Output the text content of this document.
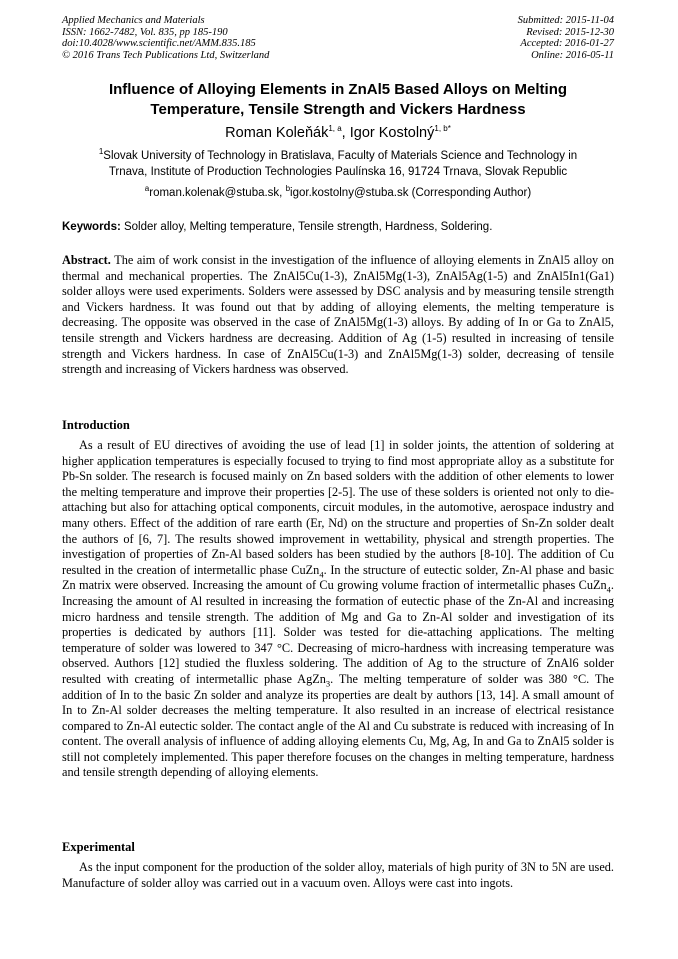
Applied Mechanics and Materials
ISSN: 1662-7482, Vol. 835, pp 185-190
doi:10.4028/www.scientific.net/AMM.835.185
© 2016 Trans Tech Publications Ltd, Switzerland
Submitted: 2015-11-04
Revised: 2015-12-30
Accepted: 2016-01-27
Online: 2016-05-11
Influence of Alloying Elements in ZnAl5 Based Alloys on Melting
Temperature, Tensile Strength and Vickers Hardness
Roman Koleňák$^{1, a}$, Igor Kostolný$^{1, b*}$
$^1$Slovak University of Technology in Bratislava, Faculty of Materials Science and Technology in
Trnava, Institute of Production Technologies Paulínska 16, 91724 Trnava, Slovak Republic
$^a$roman.kolenak@stuba.sk, $^b$igor.kostolny@stuba.sk (Corresponding Author)
Keywords: Solder alloy, Melting temperature, Tensile strength, Hardness, Soldering.

Abstract. The aim of work consist in the investigation of the influence of alloying elements in ZnAl5 alloy on thermal and mechanical properties. The ZnAl5Cu(1-3), ZnAl5Mg(1-3), ZnAl5Ag(1-5) and ZnAl5In1(Ga1) solder alloys were used experiments. Solders were assessed by DSC analysis and by measuring tensile strength and Vickers hardness. It was found out that by adding of alloying elements, the melting temperature is decreasing. The opposite was observed in the case of ZnAl5Mg(1-3) alloys. By adding of In or Ga to ZnAl5, tensile strength and Vickers hardness are decreasing. Addition of Ag (1-5) resulted in increasing of tensile strength and Vickers hardness. In case of ZnAl5Cu(1-3) and ZnAl5Mg(1-3) solder, decreasing of tensile strength and increasing of Vickers hardness was observed.

Introduction

As a result of EU directives of avoiding the use of lead [1] in solder joints, the attention of soldering at higher application temperatures is especially focused to trying to find most appropriate alloy as a substitute for Pb-Sn solder. The research is focused mainly on Zn based solders with the addition of other elements to lower the melting temperature and improve their properties [2-5]. The use of these solders is oriented not only to die-attaching but also for attaching optical components, circuit modules, in the automotive, aerospace industry and many others. Effect of the addition of rare earth (Er, Nd) on the structure and properties of Sn-Zn solder dealt the authors of [6, 7]. The results showed improvement in wettability, physical and strength properties. The investigation of properties of Zn-Al based solders has been studied by the authors [8-10]. The addition of Cu resulted in the creation of intermetallic phase CuZn$_4$. In the structure of eutectic solder, Zn-Al phase and basic Zn matrix were observed. Increasing the amount of Cu growing volume fraction of intermetallic phases CuZn$_4$. Increasing the amount of Al resulted in increasing the formation of eutectic phase of the Zn-Al and increasing micro hardness and tensile strength. The addition of Mg and Ga to Zn-Al solder and investigation of its properties is dedicated by authors [11]. Solder was tested for die-attaching applications. The melting temperature of solder was lowered to 347 °C. Decreasing of micro-hardness with increasing temperature was observed. Authors [12] studied the fluxless soldering. The addition of Ag to the structure of ZnAl6 solder resulted with creating of intermetallic phase AgZn$_3$. The melting temperature of solder was 380 °C. The addition of In to the basic Zn solder and analyze its properties are dealt by authors [13, 14]. A small amount of In to Zn-Al solder decreases the melting temperature. It also resulted in an increase of electrical resistance compared to Zn-Al eutectic solder. The contact angle of the Al and Cu substrate is reduced with increasing of In content. The overall analysis of influence of adding alloying elements Cu, Mg, Ag, In and Ga to ZnAl5 solder is still not completely implemented. This paper therefore focuses on the changes in melting temperature, hardness and tensile strength depending of alloying elements.

Experimental

As the input component for the production of the solder alloy, materials of high purity of 3N to 5N are used. Manufacture of solder alloy was carried out in a vacuum oven. Alloys were cast into ingots.
